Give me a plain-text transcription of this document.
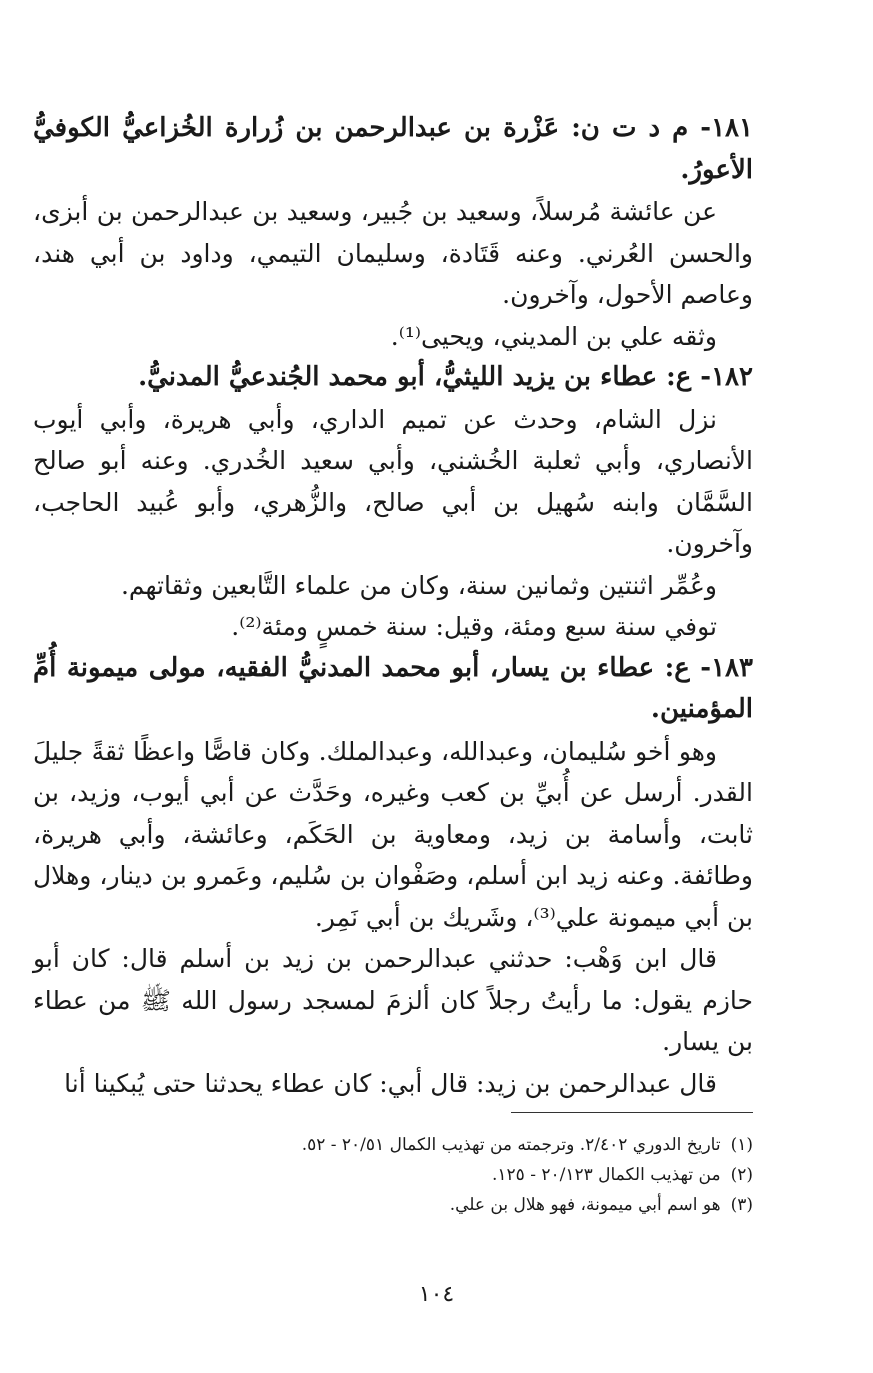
١٨١- م د ت ن: عَزْرة بن عبدالرحمن بن زُرارة الخُزاعيُّ الكوفيُّ الأعورُ.

عن عائشة مُرسلاً، وسعيد بن جُبير، وسعيد بن عبدالرحمن بن أبزى، والحسن العُرني. وعنه قَتَادة، وسليمان التيمي، وداود بن أبي هند، وعاصم الأحول، وآخرون.

وثقه علي بن المديني، ويحيى⁽¹⁾.

١٨٢- ع: عطاء بن يزيد الليثيُّ، أبو محمد الجُندعيُّ المدنيُّ.

نزل الشام، وحدث عن تميم الداري، وأبي هريرة، وأبي أيوب الأنصاري، وأبي ثعلبة الخُشني، وأبي سعيد الخُدري. وعنه أبو صالح السَّمَّان وابنه سُهيل بن أبي صالح، والزُّهري، وأبو عُبيد الحاجب، وآخرون.

وعُمِّر اثنتين وثمانين سنة، وكان من علماء التَّابعين وثقاتهم.

توفي سنة سبع ومئة، وقيل: سنة خمسٍ ومئة⁽²⁾.

١٨٣- ع: عطاء بن يسار، أبو محمد المدنيُّ الفقيه، مولى ميمونة أُمِّ المؤمنين.

وهو أخو سُليمان، وعبدالله، وعبدالملك. وكان قاصًّا واعظًا ثقةً جليلَ القدر. أرسل عن أُبيِّ بن كعب وغيره، وحَدَّث عن أبي أيوب، وزيد، بن ثابت، وأسامة بن زيد، ومعاوية بن الحَكَم، وعائشة، وأبي هريرة، وطائفة. وعنه زيد ابن أسلم، وصَفْوان بن سُليم، وعَمرو بن دينار، وهلال بن أبي ميمونة علي⁽³⁾، وشَريك بن أبي نَمِر.

قال ابن وَهْب: حدثني عبدالرحمن بن زيد بن أسلم قال: كان أبو حازم يقول: ما رأيتُ رجلاً كان ألزمَ لمسجد رسول الله ﷺ من عطاء بن يسار.

قال عبدالرحمن بن زيد: قال أبي: كان عطاء يحدثنا حتى يُبكينا أنا

(١)
تاريخ الدوري ٢/٤٠٢. وترجمته من تهذيب الكمال ٢٠/٥١ - ٥٢.
(٢)
من تهذيب الكمال ٢٠/١٢٣ - ١٢٥.
(٣)
هو اسم أبي ميمونة، فهو هلال بن علي.
١٠٤
